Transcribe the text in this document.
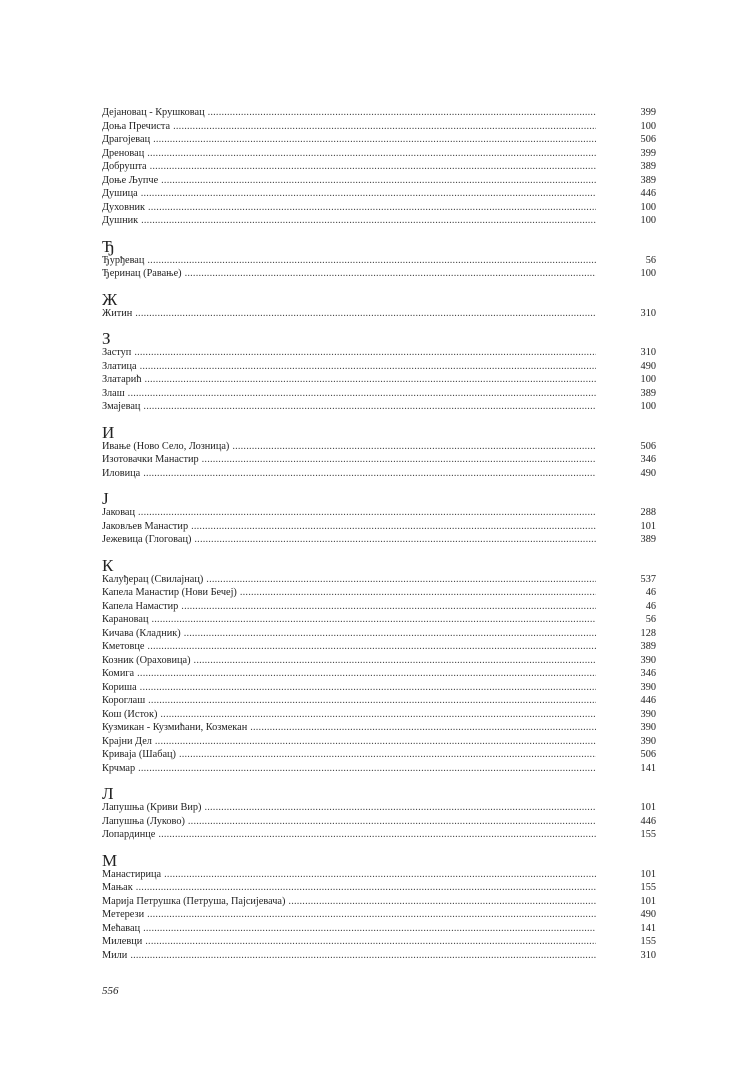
Дејановац - Крушковац .....	399
Доња Пречиста .....	100
Драгојевац .....	506
Дреновац .....	399
Добруштa .....	389
Доње Љупче .....	389
Душица .....	446
Духовник .....	100
Душник .....	100
Ђ
Ђурђевац .....	56
Ђеринац (Равање) .....	100
Ж
Житин .....	310
З
Заступ .....	310
Златица .....	490
Златарић .....	100
Злаш .....	389
Змајевац .....	100
И
Ивање (Ново Село, Лозница) .....	506
Изотовачки Манастир .....	346
Иловица .....	490
Ј
Јаковац .....	288
Јаковљев Манастир .....	101
Јежевица (Глоговац) .....	389
К
Калуђерац (Свилајнац) .....	537
Капела Манастир (Нови Бечеј) .....	46
Капела Намастир .....	46
Карановац .....	56
Кичава (Кладник) .....	128
Кметовце .....	389
Козник (Ораховица) .....	390
Комига .....	346
Коришa .....	390
Короглаш .....	446
Кош (Исток) .....	390
Кузмикан - Кузмићани, Козмекан .....	390
Крајни Дел .....	390
Криваја (Шабац) .....	506
Крчмар .....	141
Л
Лапушња (Криви Вир) .....	101
Лапушња (Луково) .....	446
Лопардинце .....	155
М
Манастирица .....	101
Мањак .....	155
Марија Петрушка (Петруша, Пајсијевача) .....	101
Метерези .....	490
Мећавац .....	141
Милевци .....	155
Мили .....	310
556
